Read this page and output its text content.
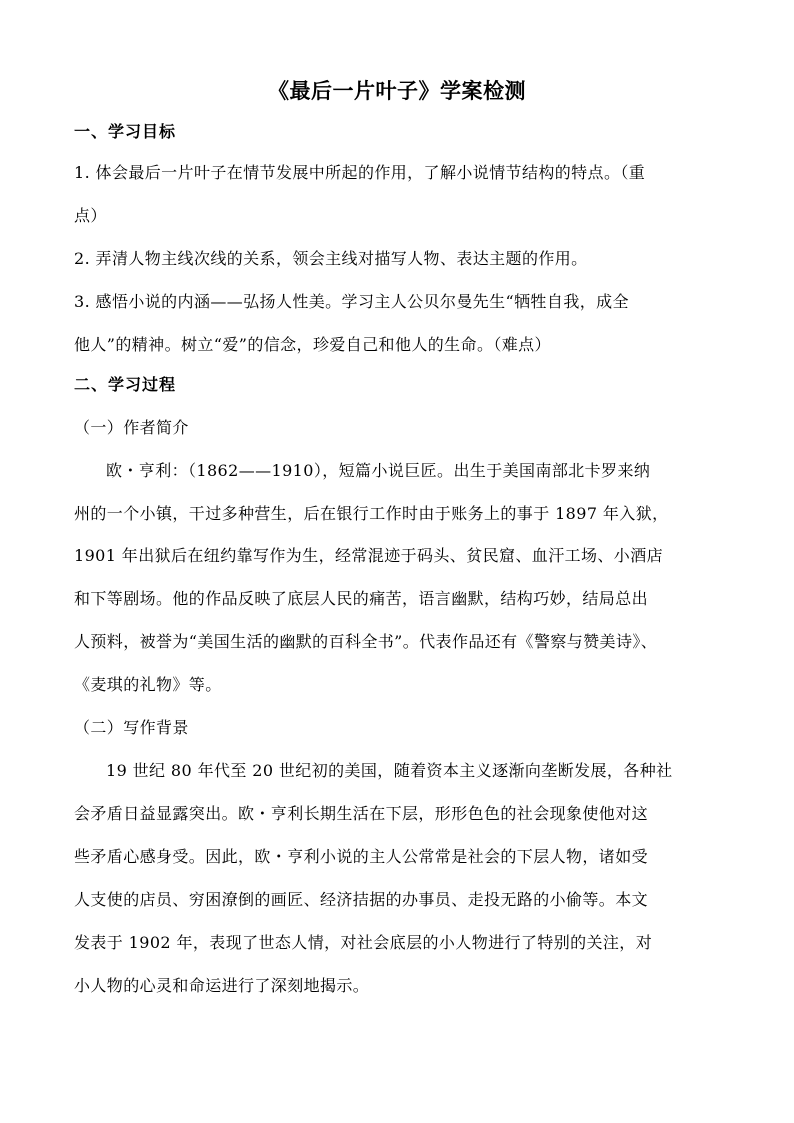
《最后一片叶子》学案检测
一、学习目标
1. 体会最后一片叶子在情节发展中所起的作用，了解小说情节结构的特点。（重
点）
2. 弄清人物主线次线的关系，领会主线对描写人物、表达主题的作用。
3. 感悟小说的内涵——弘扬人性美。学习主人公贝尔曼先生“牺牲自我，成全
他人”的精神。树立“爱”的信念，珍爱自己和他人的生命。（难点）
二、学习过程
（一）作者简介
欧・亨利：（1862——1910），短篇小说巨匠。出生于美国南部北卡罗来纳
州的一个小镇，干过多种营生，后在银行工作时由于账务上的事于 1897 年入狱，
1901 年出狱后在纽约靠写作为生，经常混迹于码头、贫民窟、血汗工场、小酒店
和下等剧场。他的作品反映了底层人民的痛苦，语言幽默，结构巧妙，结局总出
人预料，被誉为“美国生活的幽默的百科全书”。代表作品还有《警察与赞美诗》、
《麦琪的礼物》等。
（二）写作背景
19 世纪 80 年代至 20 世纪初的美国，随着资本主义逐渐向垄断发展，各种社
会矛盾日益显露突出。欧・亨利长期生活在下层，形形色色的社会现象使他对这
些矛盾心感身受。因此，欧・亨利小说的主人公常常是社会的下层人物，诸如受
人支使的店员、穷困潦倒的画匠、经济拮据的办事员、走投无路的小偷等。本文
发表于 1902 年，表现了世态人情，对社会底层的小人物进行了特别的关注，对
小人物的心灵和命运进行了深刻地揭示。
